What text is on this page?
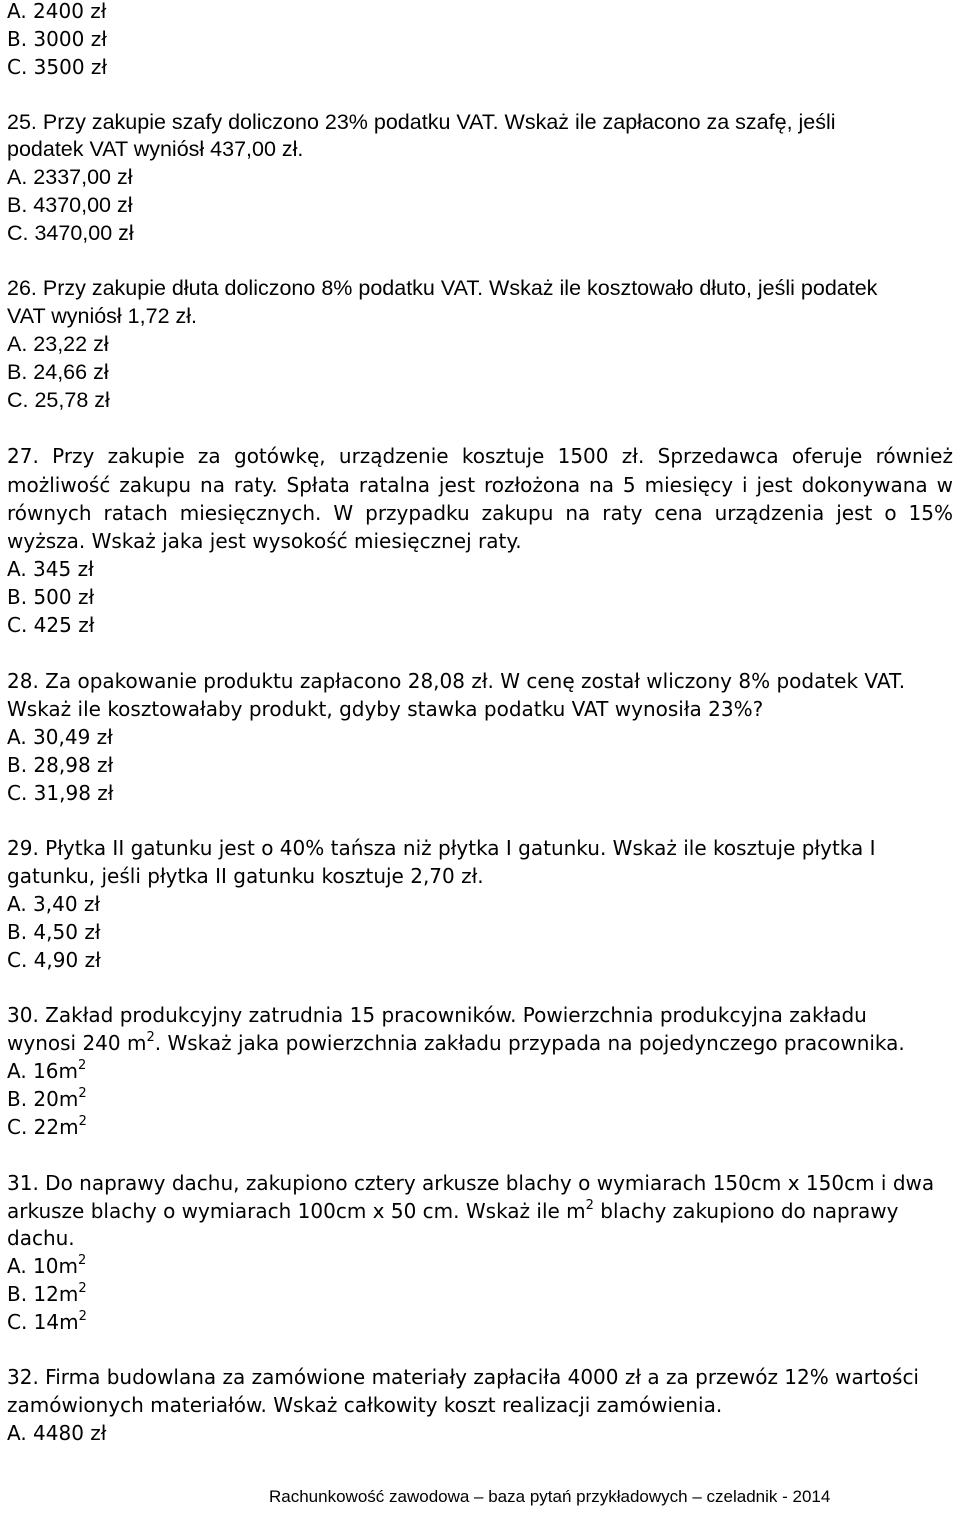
A. 2400 zł

B. 3000 zł

C. 3500 zł

25. Przy zakupie szafy doliczono 23% podatku VAT. Wskaż ile zapłacono za szafę, jeśli

podatek VAT wyniósł 437,00 zł.

A. 2337,00 zł

B. 4370,00 zł

C. 3470,00 zł

26. Przy zakupie dłuta doliczono 8% podatku VAT. Wskaż ile kosztowało dłuto, jeśli podatek

VAT wyniósł 1,72 zł.

A. 23,22 zł

B. 24,66 zł

C. 25,78 zł

27. Przy zakupie za gotówkę, urządzenie kosztuje 1500 zł. Sprzedawca oferuje również

możliwość zakupu na raty. Spłata ratalna jest rozłożona na 5 miesięcy i jest dokonywana w

równych ratach miesięcznych. W przypadku zakupu na raty cena urządzenia jest o 15%

wyższa. Wskaż jaka jest wysokość miesięcznej raty.

A. 345 zł

B. 500 zł

C. 425 zł

28. Za opakowanie produktu zapłacono 28,08 zł. W cenę został wliczony 8% podatek VAT.

Wskaż ile kosztowałaby produkt, gdyby stawka podatku VAT wynosiła 23%?

A. 30,49 zł

B. 28,98 zł

C. 31,98 zł

29. Płytka II gatunku jest o 40% tańsza niż płytka I gatunku. Wskaż ile kosztuje płytka I

gatunku, jeśli płytka II gatunku kosztuje 2,70 zł.

A. 3,40 zł

B. 4,50 zł

C. 4,90 zł

30. Zakład produkcyjny zatrudnia 15 pracowników. Powierzchnia produkcyjna zakładu

wynosi 240 $m^2$. Wskaż jaka powierzchnia zakładu przypada na pojedynczego pracownika.

A. $16m^2$

B. $20m^2$

C. $22m^2$

31. Do naprawy dachu, zakupiono cztery arkusze blachy o wymiarach 150cm x 150cm i dwa

arkusze blachy o wymiarach 100cm x 50 cm. Wskaż ile $m^2$ blachy zakupiono do naprawy

dachu.

A. $10m^2$

B. $12m^2$

C. $14m^2$

32. Firma budowlana za zamówione materiały zapłaciła 4000 zł a za przewóz 12% wartości

zamówionych materiałów. Wskaż całkowity koszt realizacji zamówienia.

A. 4480 zł

Rachunkowość zawodowa – baza pytań przykładowych – czeladnik - 2014
